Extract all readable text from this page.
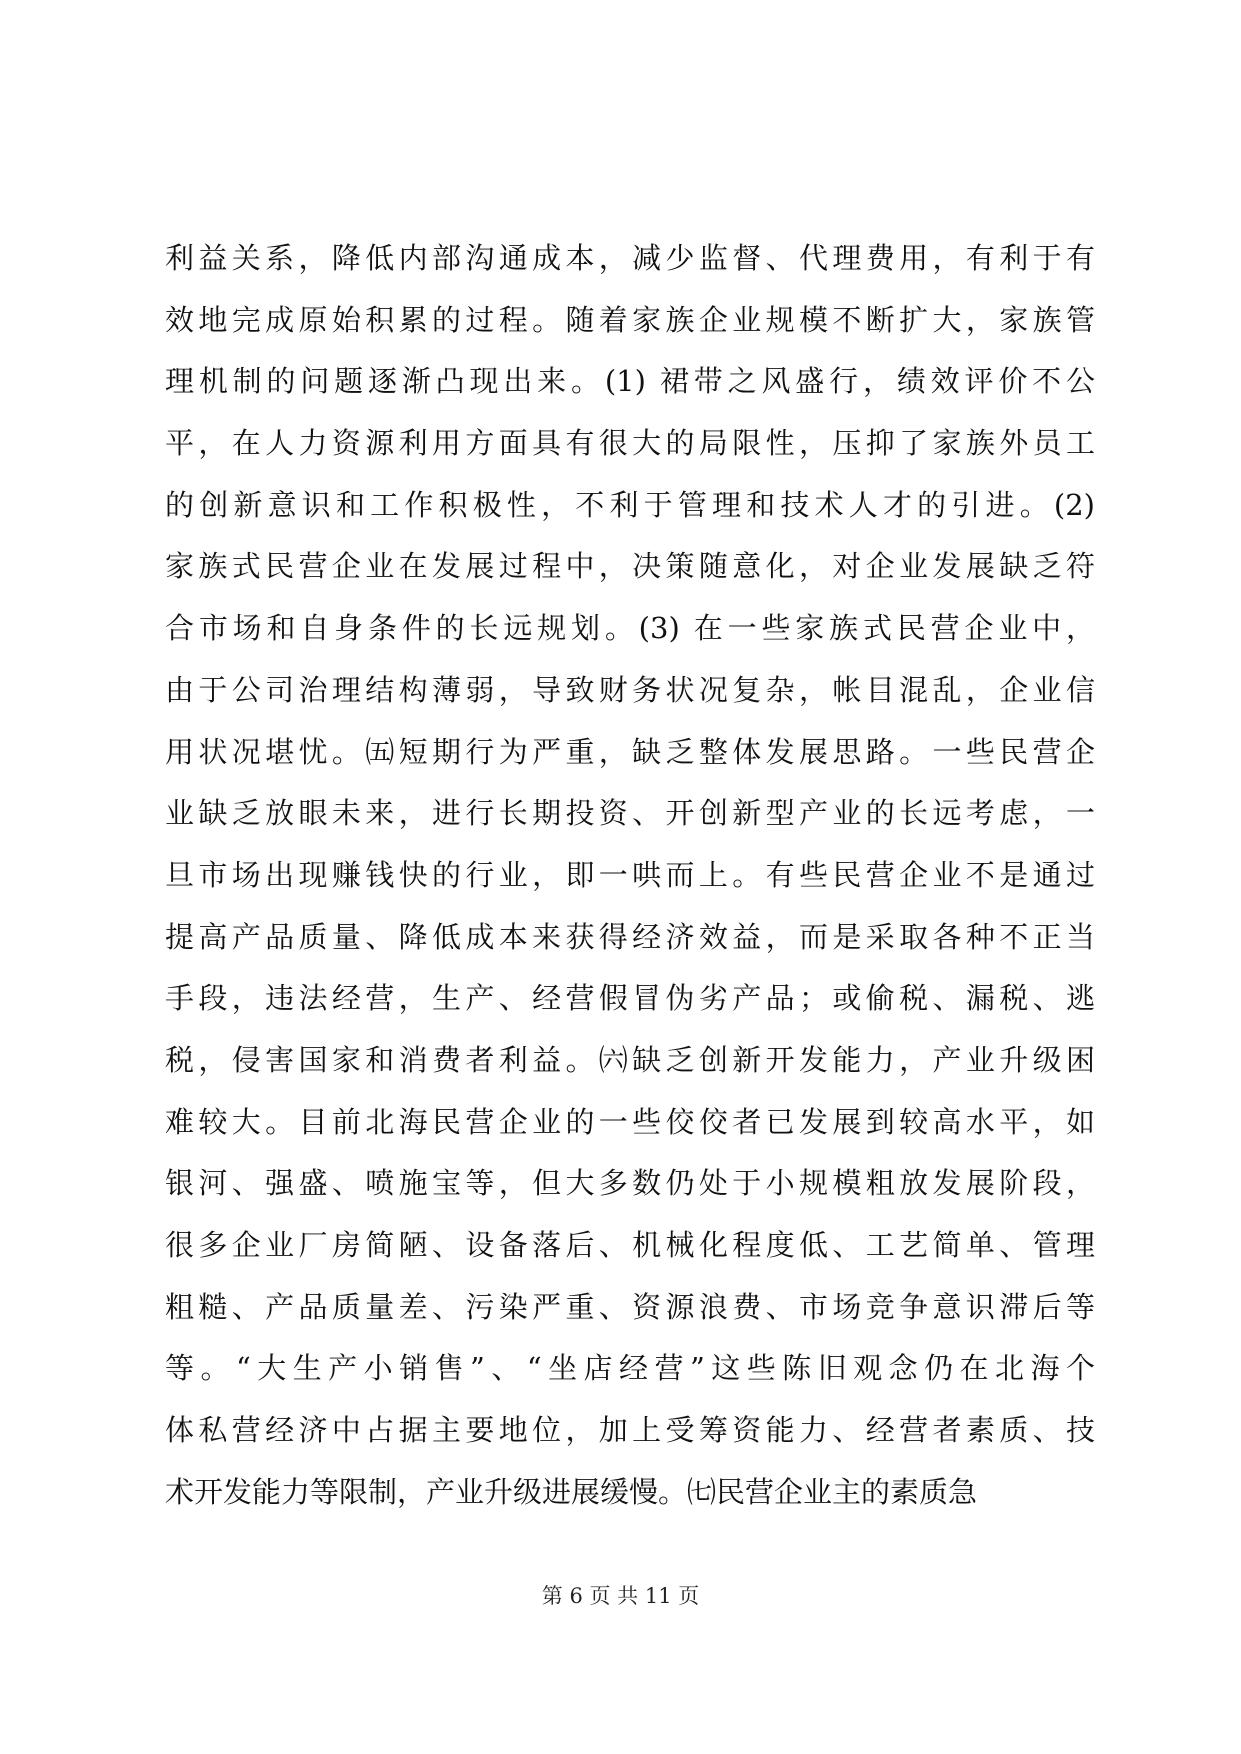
利益关系，降低内部沟通成本，减少监督、代理费用，有利于有
效地完成原始积累的过程。随着家族企业规模不断扩大，家族管
理机制的问题逐渐凸现出来。(1) 裙带之风盛行，绩效评价不公
平，在人力资源利用方面具有很大的局限性，压抑了家族外员工
的创新意识和工作积极性，不利于管理和技术人才的引进。(2)
家族式民营企业在发展过程中，决策随意化，对企业发展缺乏符
合市场和自身条件的长远规划。(3) 在一些家族式民营企业中，
由于公司治理结构薄弱，导致财务状况复杂，帐目混乱，企业信
用状况堪忧。㈤短期行为严重，缺乏整体发展思路。一些民营企
业缺乏放眼未来，进行长期投资、开创新型产业的长远考虑，一
旦市场出现赚钱快的行业，即一哄而上。有些民营企业不是通过
提高产品质量、降低成本来获得经济效益，而是采取各种不正当
手段，违法经营，生产、经营假冒伪劣产品；或偷税、漏税、逃
税，侵害国家和消费者利益。㈥缺乏创新开发能力，产业升级困
难较大。目前北海民营企业的一些佼佼者已发展到较高水平，如
银河、强盛、喷施宝等，但大多数仍处于小规模粗放发展阶段，
很多企业厂房简陋、设备落后、机械化程度低、工艺简单、管理
粗糙、产品质量差、污染严重、资源浪费、市场竞争意识滞后等
等。“大生产小销售”、“坐店经营”这些陈旧观念仍在北海个
体私营经济中占据主要地位，加上受筹资能力、经营者素质、技
术开发能力等限制，产业升级进展缓慢。㈦民营企业主的素质急
第 6 页 共 11 页
